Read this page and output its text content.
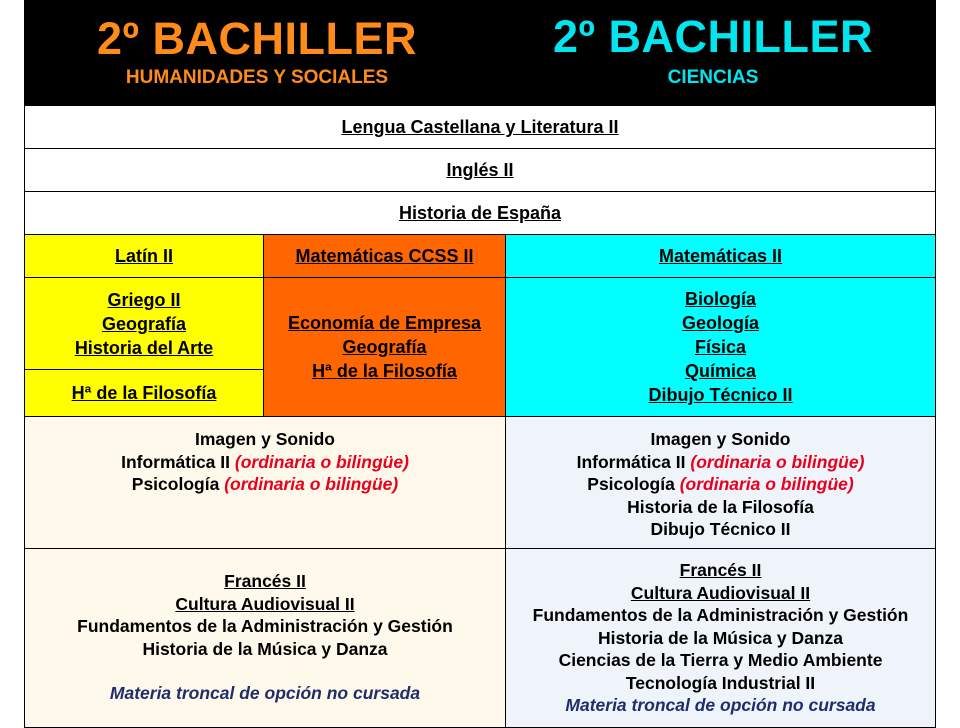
2º BACHILLER
HUMANIDADES Y SOCIALES
2º BACHILLER
CIENCIAS
Lengua Castellana y Literatura II
Inglés II
Historia de España
Latín II	Matemáticas CCSS II	Matemáticas II
Griego II
Geografía
Historia del Arte
Hª de la Filosofía
Economía de Empresa
Geografía
Hª de la Filosofía
Biología
Geología
Física
Química
Dibujo Técnico II
Imagen y Sonido
Informática II (ordinaria o bilingüe)
Psicología (ordinaria o bilingüe)
Imagen y Sonido
Informática II (ordinaria o bilingüe)
Psicología (ordinaria o bilingüe)
Historia de la Filosofía
Dibujo Técnico II
Francés II
Cultura Audiovisual II
Fundamentos de la Administración y Gestión
Historia de la Música y Danza
Materia troncal de opción no cursada
Francés II
Cultura Audiovisual II
Fundamentos de la Administración y Gestión
Historia de la Música y Danza
Ciencias de la Tierra y Medio Ambiente
Tecnología Industrial II
Materia troncal de opción no cursada
